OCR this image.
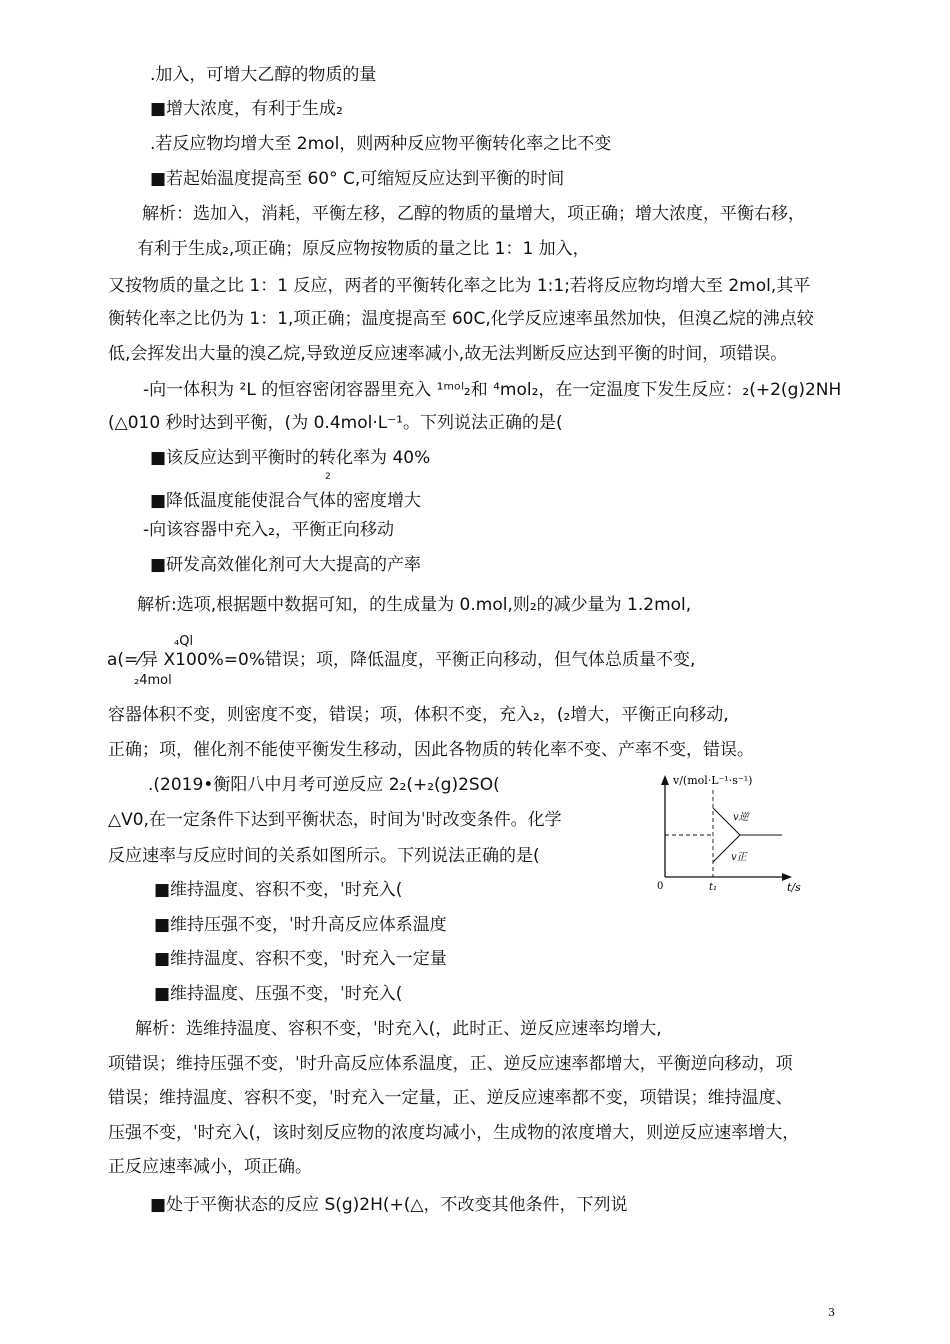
.加入，可增大乙醇的物质的量
■增大浓度，有利于生成₂
.若反应物均增大至 2mol，则两种反应物平衡转化率之比不变
■若起始温度提高至 60° C,可缩短反应达到平衡的时间
解析：选加入，消耗，平衡左移，乙醇的物质的量增大，项正确；增大浓度，平衡右移，
有利于生成₂,项正确；原反应物按物质的量之比 1：1 加入，
又按物质的量之比 1：1 反应，两者的平衡转化率之比为 1:1;若将反应物均增大至 2mol,其平
衡转化率之比仍为 1：1,项正确；温度提高至 60C,化学反应速率虽然加快，但溴乙烷的沸点较
低,会挥发出大量的溴乙烷,导致逆反应速率减小,故无法判断反应达到平衡的时间，项错误。
-向一体积为 ²L 的恒容密闭容器里充入 ¹ᵐᵒˡ₂和 ⁴mol₂，在一定温度下发生反应：₂(+2(g)2NH
(△010 秒时达到平衡，(为 0.4mol·L⁻¹。下列说法正确的是(
■该反应达到平衡时的转化率为 40%
2
■降低温度能使混合气体的密度增大
-向该容器中充入₂，平衡正向移动
■研发高效催化剂可大大提高的产率
解析:选项,根据题中数据可知，的生成量为 0.mol,则₂的减少量为 1.2mol,
₄Ql
a(=⁄异 X100%=0%错误；项，降低温度，平衡正向移动，但气体总质量不变,
₂4mol
容器体积不变，则密度不变，错误；项，体积不变，充入₂，(₂增大，平衡正向移动,
正确；项，催化剂不能使平衡发生移动，因此各物质的转化率不变、产率不变，错误。
.(2019•衡阳八中月考可逆反应 2₂(+₂(g)2SO(
△V0,在一定条件下达到平衡状态，时间为ˈ时改变条件。化学
反应速率与反应时间的关系如图所示。下列说法正确的是(
■维持温度、容积不变，ˈ时充入(
■维持压强不变，ˈ时升高反应体系温度
■维持温度、容积不变，ˈ时充入一定量
■维持温度、压强不变，ˈ时充入(
解析：选维持温度、容积不变，ˈ时充入(，此时正、逆反应速率均增大,
项错误；维持压强不变，ˈ时升高反应体系温度，正、逆反应速率都增大，平衡逆向移动，项
错误；维持温度、容积不变，ˈ时充入一定量，正、逆反应速率都不变，项错误；维持温度、
压强不变，ˈ时充入(，该时刻反应物的浓度均减小，生成物的浓度增大，则逆反应速率增大，
正反应速率减小，项正确。
■处于平衡状态的反应 S(g)2H(+(△，不改变其他条件，下列说
v/(mol·L⁻¹·s⁻¹)
t/s
0	t₁
v逆
v正
3
